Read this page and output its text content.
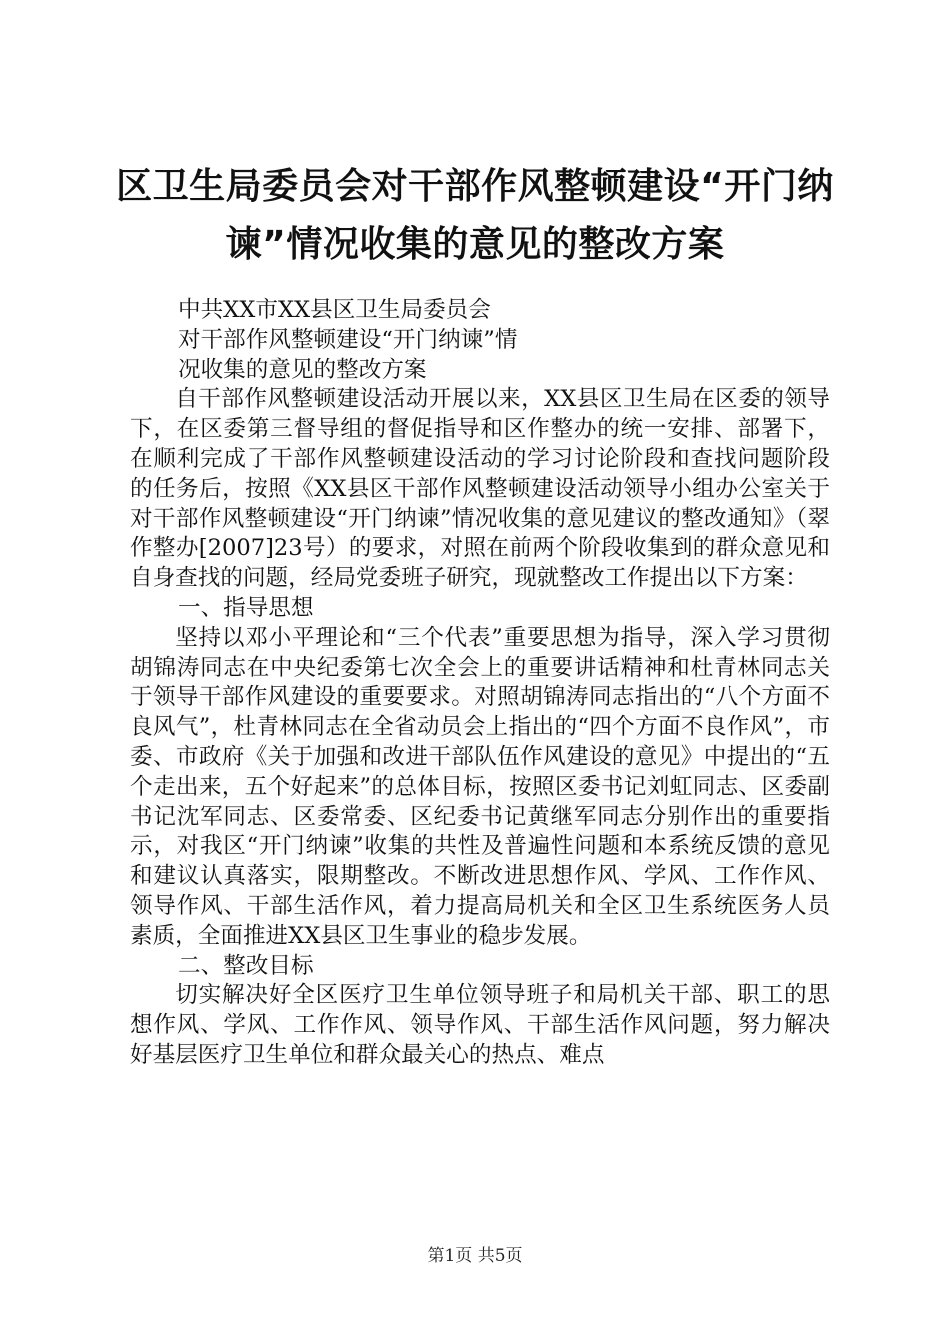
区卫生局委员会对干部作风整顿建设“开门纳
谏”情况收集的意见的整改方案

中共XX市XX县区卫生局委员会

对干部作风整顿建设“开门纳谏”情

况收集的意见的整改方案

自干部作风整顿建设活动开展以来，XX县区卫生局在区委的领导下，在区委第三督导组的督促指导和区作整办的统一安排、部署下，在顺利完成了干部作风整顿建设活动的学习讨论阶段和查找问题阶段的任务后，按照《XX县区干部作风整顿建设活动领导小组办公室关于对干部作风整顿建设“开门纳谏”情况收集的意见建议的整改通知》（翠作整办[2007]23号）的要求，对照在前两个阶段收集到的群众意见和自身查找的问题，经局党委班子研究，现就整改工作提出以下方案：

一、指导思想

坚持以邓小平理论和“三个代表”重要思想为指导，深入学习贯彻胡锦涛同志在中央纪委第七次全会上的重要讲话精神和杜青林同志关于领导干部作风建设的重要要求。对照胡锦涛同志指出的“八个方面不良风气”，杜青林同志在全省动员会上指出的“四个方面不良作风”，市委、市政府《关于加强和改进干部队伍作风建设的意见》中提出的“五个走出来，五个好起来”的总体目标，按照区委书记刘虹同志、区委副书记沈军同志、区委常委、区纪委书记黄继军同志分别作出的重要指示，对我区“开门纳谏”收集的共性及普遍性问题和本系统反馈的意见和建议认真落实，限期整改。不断改进思想作风、学风、工作作风、领导作风、干部生活作风，着力提高局机关和全区卫生系统医务人员素质，全面推进XX县区卫生事业的稳步发展。

二、整改目标

切实解决好全区医疗卫生单位领导班子和局机关干部、职工的思想作风、学风、工作作风、领导作风、干部生活作风问题，努力解决好基层医疗卫生单位和群众最关心的热点、难点

第1页 共5页
